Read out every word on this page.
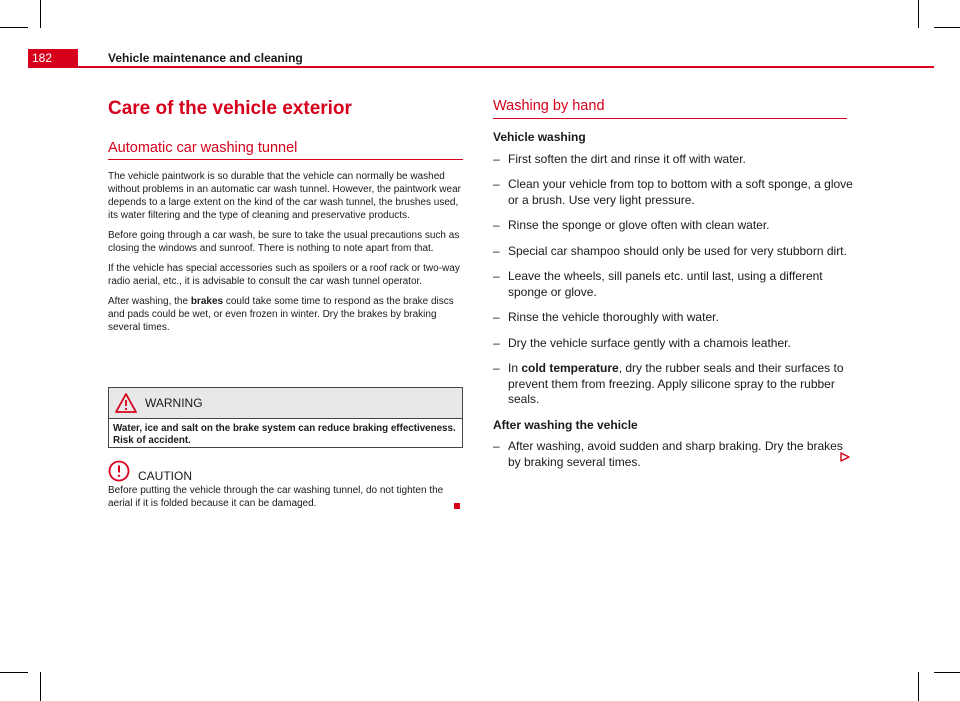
182	Vehicle maintenance and cleaning
Care of the vehicle exterior
Automatic car washing tunnel

The vehicle paintwork is so durable that the vehicle can normally be washed without problems in an automatic car wash tunnel. However, the paintwork wear depends to a large extent on the kind of the car wash tunnel, the brushes used, its water filtering and the type of cleaning and preservative products.

Before going through a car wash, be sure to take the usual precautions such as closing the windows and sunroof. There is nothing to note apart from that.

If the vehicle has special accessories such as spoilers or a roof rack or two-way radio aerial, etc., it is advisable to consult the car wash tunnel operator.

After washing, the brakes could take some time to respond as the brake discs and pads could be wet, or even frozen in winter. Dry the brakes by braking several times.

WARNING
Water, ice and salt on the brake system can reduce braking effectiveness. Risk of accident.
CAUTION
Before putting the vehicle through the car washing tunnel, do not tighten the aerial if it is folded because it can be damaged.
Washing by hand
Vehicle washing
– First soften the dirt and rinse it off with water.
– Clean your vehicle from top to bottom with a soft sponge, a glove or a brush. Use very light pressure.
– Rinse the sponge or glove often with clean water.
– Special car shampoo should only be used for very stubborn dirt.
– Leave the wheels, sill panels etc. until last, using a different sponge or glove.
– Rinse the vehicle thoroughly with water.
– Dry the vehicle surface gently with a chamois leather.
– In cold temperature, dry the rubber seals and their surfaces to prevent them from freezing. Apply silicone spray to the rubber seals.
After washing the vehicle
– After washing, avoid sudden and sharp braking. Dry the brakes by braking several times.
